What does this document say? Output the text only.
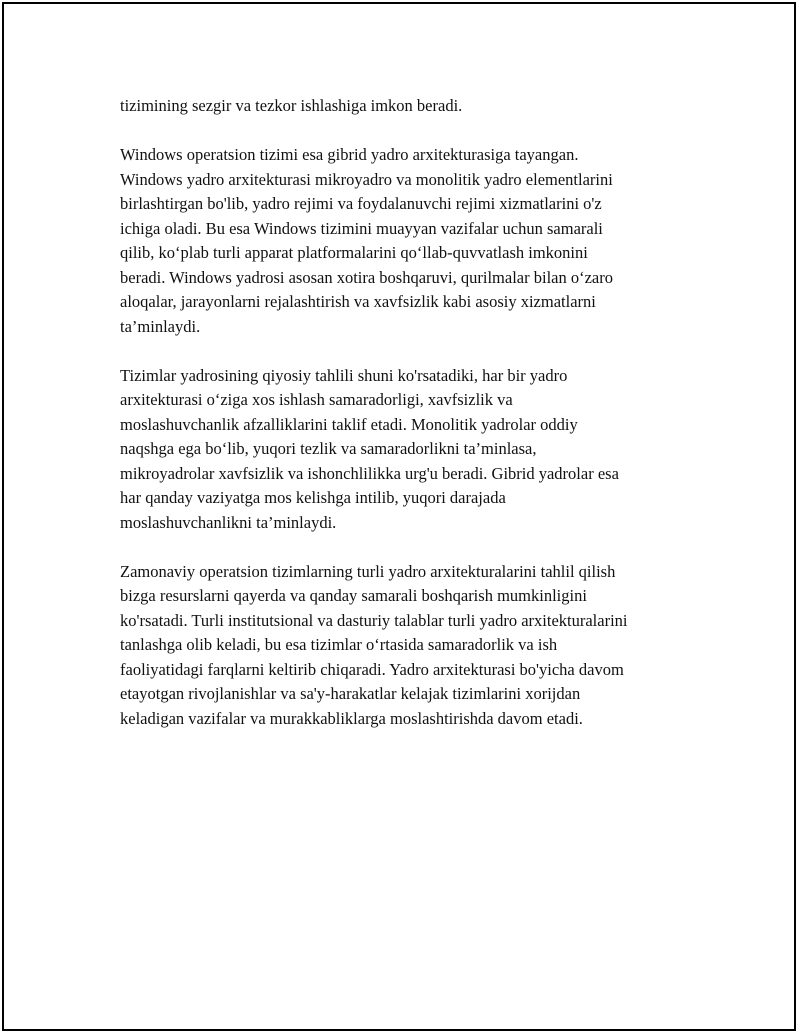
tizimining sezgir va tezkor ishlashiga imkon beradi.

Windows operatsion tizimi esa gibrid yadro arxitekturasiga tayangan.
Windows yadro arxitekturasi mikroyadro va monolitik yadro elementlarini
birlashtirgan bo'lib, yadro rejimi va foydalanuvchi rejimi xizmatlarini o'z
ichiga oladi. Bu esa Windows tizimini muayyan vazifalar uchun samarali
qilib, ko‘plab turli apparat platformalarini qo‘llab-quvvatlash imkonini
beradi. Windows yadrosi asosan xotira boshqaruvi, qurilmalar bilan o‘zaro
aloqalar, jarayonlarni rejalashtirish va xavfsizlik kabi asosiy xizmatlarni
ta’minlaydi.

Tizimlar yadrosining qiyosiy tahlili shuni ko'rsatadiki, har bir yadro
arxitekturasi o‘ziga xos ishlash samaradorligi, xavfsizlik va
moslashuvchanlik afzalliklarini taklif etadi. Monolitik yadrolar oddiy
naqshga ega bo‘lib, yuqori tezlik va samaradorlikni ta’minlasa,
mikroyadrolar xavfsizlik va ishonchlilikka urg'u beradi. Gibrid yadrolar esa
har qanday vaziyatga mos kelishga intilib, yuqori darajada
moslashuvchanlikni ta’minlaydi.

Zamonaviy operatsion tizimlarning turli yadro arxitekturalarini tahlil qilish
bizga resurslarni qayerda va qanday samarali boshqarish mumkinligini
ko'rsatadi. Turli institutsional va dasturiy talablar turli yadro arxitekturalarini
tanlashga olib keladi, bu esa tizimlar o‘rtasida samaradorlik va ish
faoliyatidagi farqlarni keltirib chiqaradi. Yadro arxitekturasi bo'yicha davom
etayotgan rivojlanishlar va sa'y-harakatlar kelajak tizimlarini xorijdan
keladigan vazifalar va murakkabliklarga moslashtirishda davom etadi.
